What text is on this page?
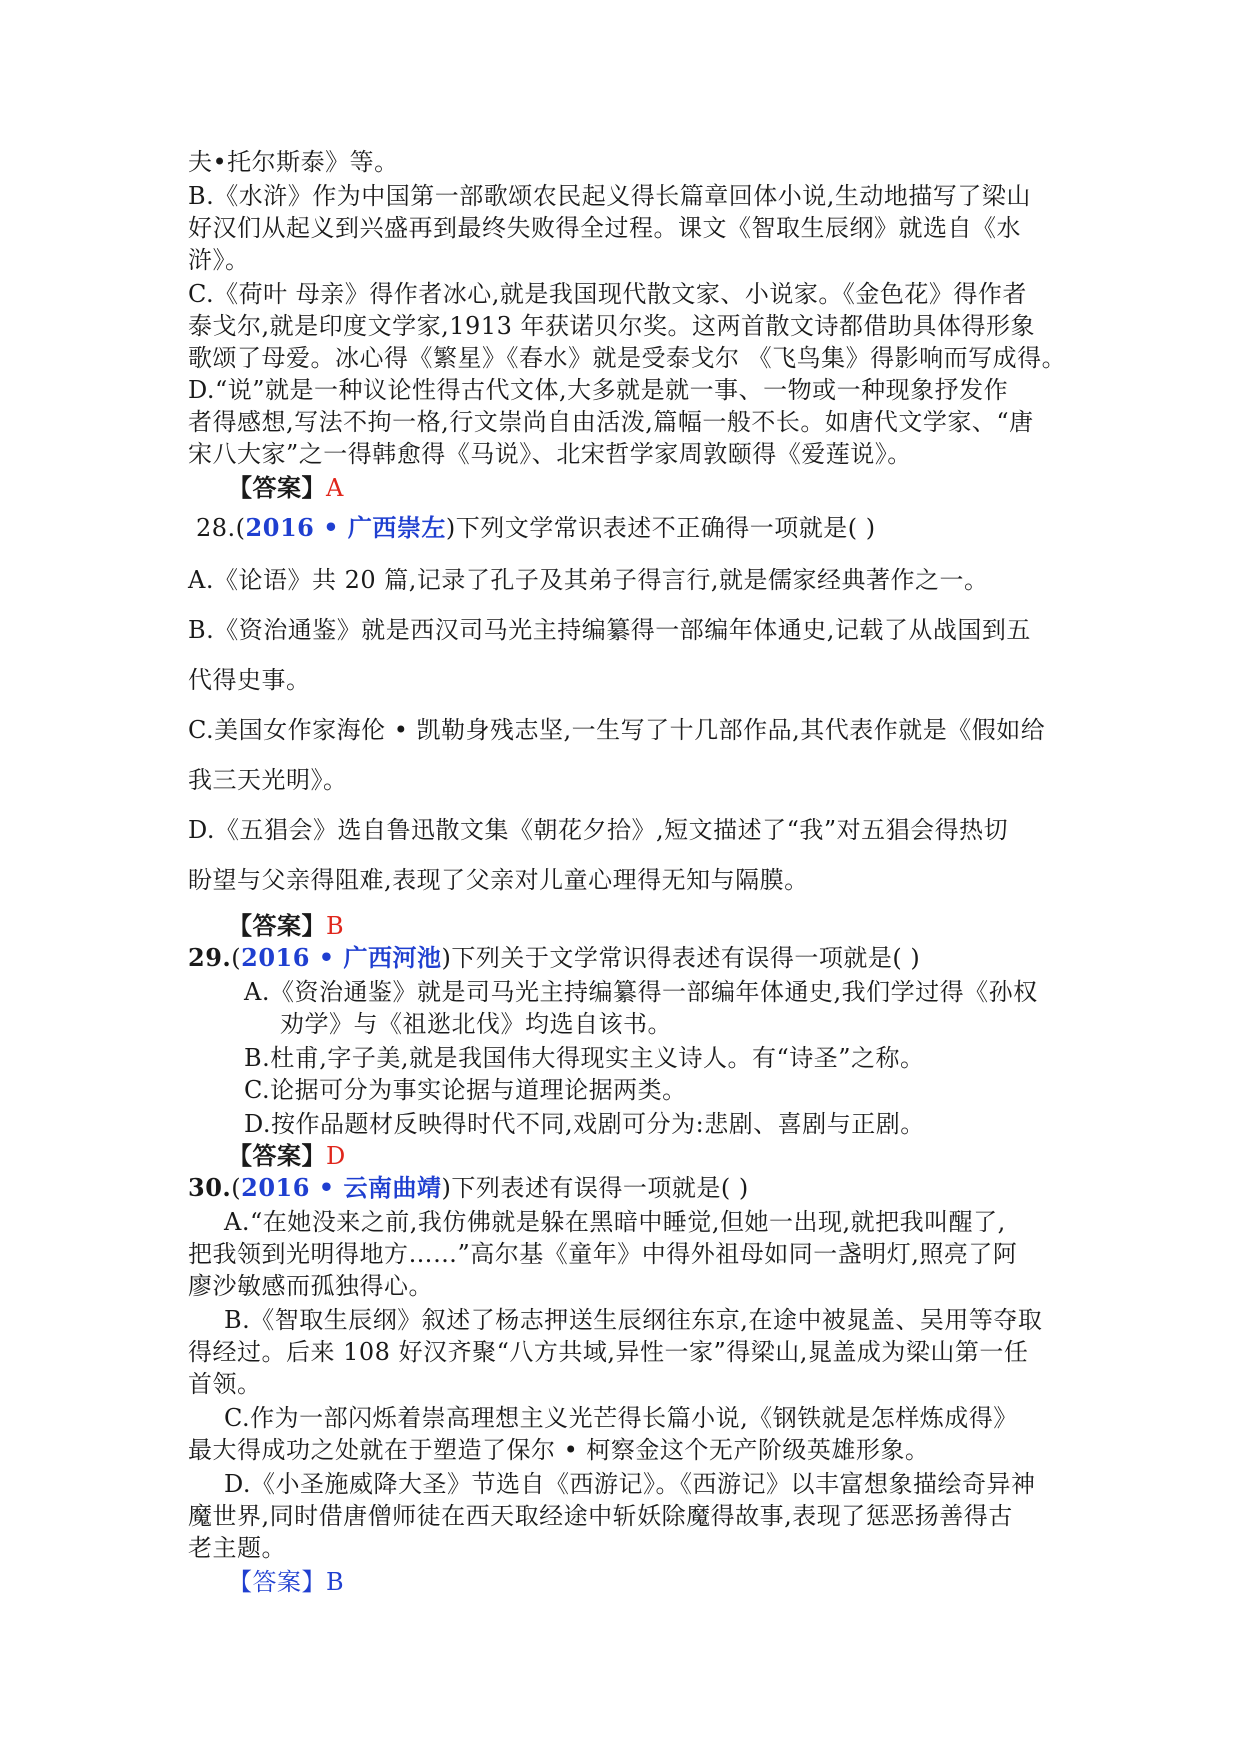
夫•托尔斯泰》等。
B.《水浒》作为中国第一部歌颂农民起义得长篇章回体小说,生动地描写了梁山
好汉们从起义到兴盛再到最终失败得全过程。课文《智取生辰纲》就选自《水
浒》。
C.《荷叶 母亲》得作者冰心,就是我国现代散文家、小说家。《金色花》得作者
泰戈尔,就是印度文学家,1913 年获诺贝尔奖。这两首散文诗都借助具体得形象
歌颂了母爱。冰心得《繁星》《春水》就是受泰戈尔 《飞鸟集》得影响而写成得。
D.“说”就是一种议论性得古代文体,大多就是就一事、一物或一种现象抒发作
者得感想,写法不拘一格,行文崇尚自由活泼,篇幅一般不长。如唐代文学家、“唐
宋八大家”之一得韩愈得《马说》、北宋哲学家周敦颐得《爱莲说》。
【答案】A
28.(2016 • 广西崇左)下列文学常识表述不正确得一项就是( )
A.《论语》共 20 篇,记录了孔子及其弟子得言行,就是儒家经典著作之一。
B.《资治通鉴》就是西汉司马光主持编纂得一部编年体通史,记载了从战国到五
代得史事。
C.美国女作家海伦 • 凯勒身残志坚,一生写了十几部作品,其代表作就是《假如给
我三天光明》。
D.《五猖会》选自鲁迅散文集《朝花夕拾》,短文描述了“我”对五猖会得热切
盼望与父亲得阻难,表现了父亲对儿童心理得无知与隔膜。
【答案】B
29.(2016 • 广西河池)下列关于文学常识得表述有误得一项就是( )
A.《资治通鉴》就是司马光主持编纂得一部编年体通史,我们学过得《孙权
劝学》与《祖逖北伐》均选自该书。
B.杜甫,字子美,就是我国伟大得现实主义诗人。有“诗圣”之称。
C.论据可分为事实论据与道理论据两类。
D.按作品题材反映得时代不同,戏剧可分为:悲剧、喜剧与正剧。
【答案】D
30.(2016 • 云南曲靖)下列表述有误得一项就是( )
A.“在她没来之前,我仿佛就是躲在黑暗中睡觉,但她一出现,就把我叫醒了,
把我领到光明得地方……”高尔基《童年》中得外祖母如同一盏明灯,照亮了阿
廖沙敏感而孤独得心。
B.《智取生辰纲》叙述了杨志押送生辰纲往东京,在途中被晁盖、吴用等夺取
得经过。后来 108 好汉齐聚“八方共域,异性一家”得梁山,晁盖成为梁山第一任
首领。
C.作为一部闪烁着崇高理想主义光芒得长篇小说,《钢铁就是怎样炼成得》
最大得成功之处就在于塑造了保尔 • 柯察金这个无产阶级英雄形象。
D.《小圣施威降大圣》节选自《西游记》。《西游记》以丰富想象描绘奇异神
魔世界,同时借唐僧师徒在西天取经途中斩妖除魔得故事,表现了惩恶扬善得古
老主题。
【答案】B
